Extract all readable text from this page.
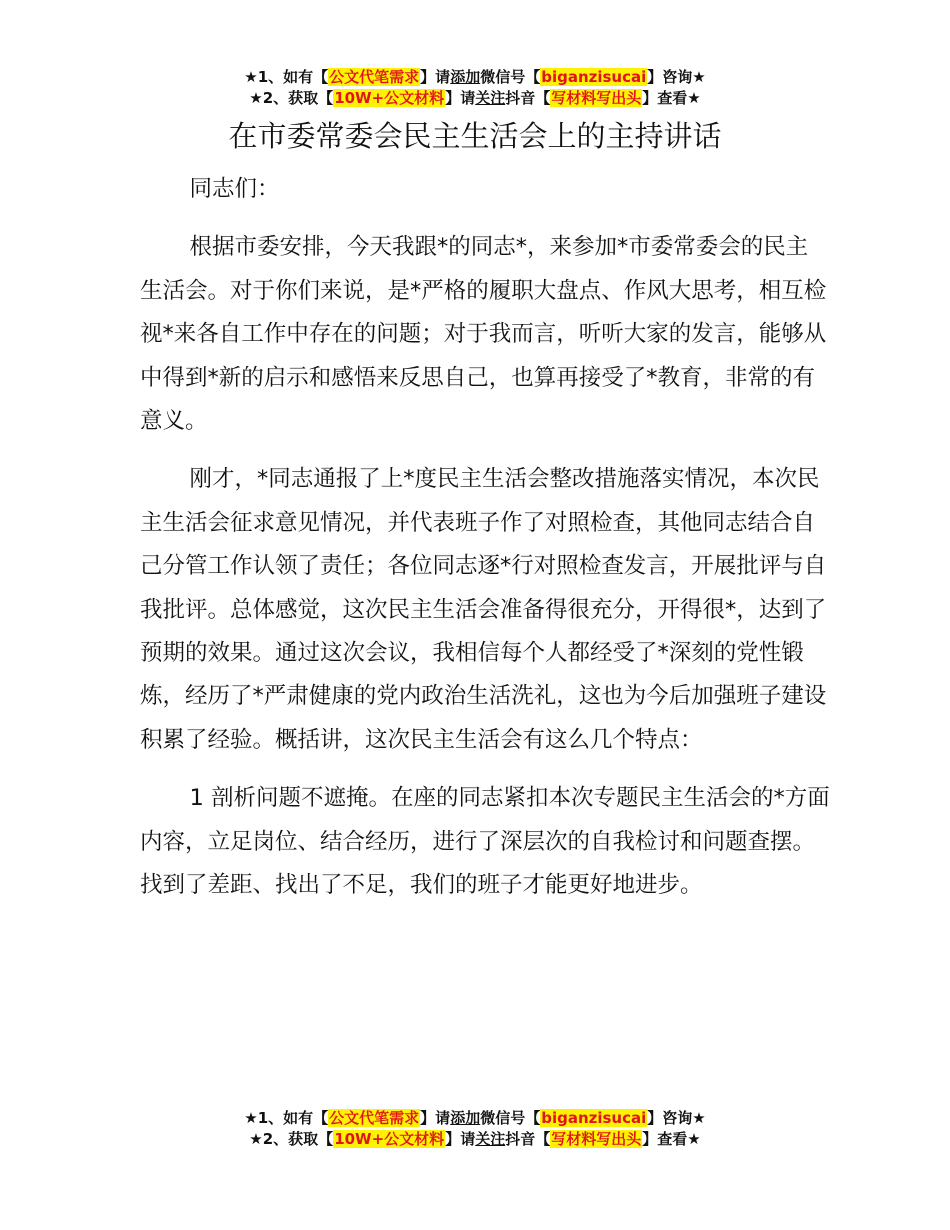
★1、如有【公文代笔需求】请添加微信号【biganzisucai】咨询★
★2、获取【10W+公文材料】请关注抖音【写材料写出头】查看★
在市委常委会民主生活会上的主持讲话

同志们：

根据市委安排，今天我跟*的同志*，来参加*市委常委会的民主生活会。对于你们来说，是*严格的履职大盘点、作风大思考，相互检视*来各自工作中存在的问题；对于我而言，听听大家的发言，能够从中得到*新的启示和感悟来反思自己，也算再接受了*教育，非常的有意义。

刚才，*同志通报了上*度民主生活会整改措施落实情况，本次民主生活会征求意见情况，并代表班子作了对照检查，其他同志结合自己分管工作认领了责任；各位同志逐*行对照检查发言，开展批评与自我批评。总体感觉，这次民主生活会准备得很充分，开得很*，达到了预期的效果。通过这次会议，我相信每个人都经受了*深刻的党性锻炼，经历了*严肃健康的党内政治生活洗礼，这也为今后加强班子建设积累了经验。概括讲，这次民主生活会有这么几个特点：

1 剖析问题不遮掩。在座的同志紧扣本次专题民主生活会的*方面内容，立足岗位、结合经历，进行了深层次的自我检讨和问题查摆。找到了差距、找出了不足，我们的班子才能更好地进步。

★1、如有【公文代笔需求】请添加微信号【biganzisucai】咨询★
★2、获取【10W+公文材料】请关注抖音【写材料写出头】查看★
